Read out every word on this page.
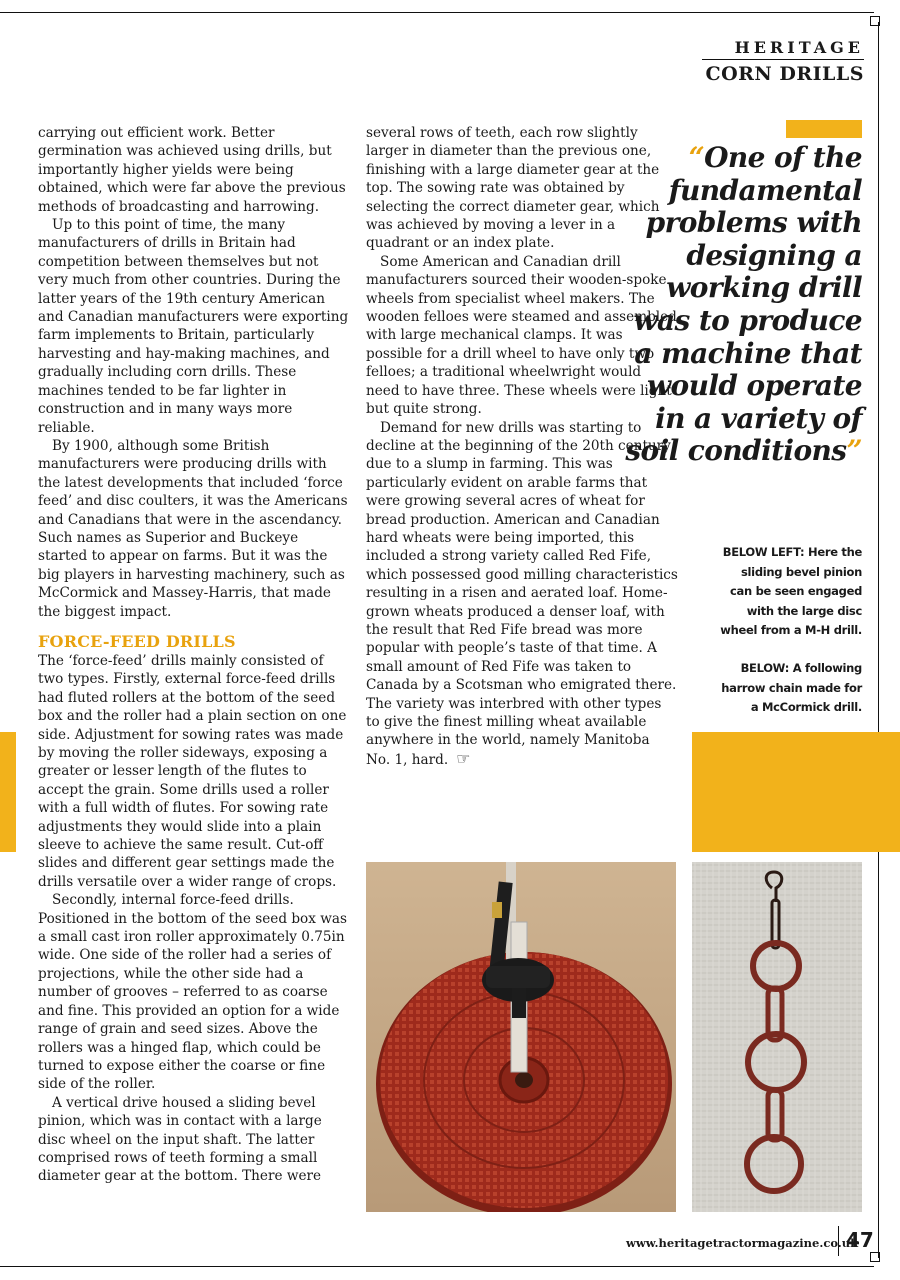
HERITAGE
CORN DRILLS

carrying out efficient work. Better germination was achieved using drills, but importantly higher yields were being obtained, which were far above the previous methods of broadcasting and harrowing.

Up to this point of time, the many manufacturers of drills in Britain had competition between themselves but not very much from other countries. During the latter years of the 19th century American and Canadian manufacturers were exporting farm implements to Britain, particularly harvesting and hay-making machines, and gradually including corn drills. These machines tended to be far lighter in construction and in many ways more reliable.

By 1900, although some British manufacturers were producing drills with the latest developments that included ‘force feed’ and disc coulters, it was the Americans and Canadians that were in the ascendancy. Such names as Superior and Buckeye started to appear on farms. But it was the big players in harvesting machinery, such as McCormick and Massey-Harris, that made the biggest impact.

FORCE-FEED DRILLS

The ‘force-feed’ drills mainly consisted of two types. Firstly, external force-feed drills had fluted rollers at the bottom of the seed box and the roller had a plain section on one side. Adjustment for sowing rates was made by moving the roller sideways, exposing a greater or lesser length of the flutes to accept the grain. Some drills used a roller with a full width of flutes. For sowing rate adjustments they would slide into a plain sleeve to achieve the same result. Cut-off slides and different gear settings made the drills versatile over a wider range of crops.

Secondly, internal force-feed drills. Positioned in the bottom of the seed box was a small cast iron roller approximately 0.75in wide. One side of the roller had a series of projections, while the other side had a number of grooves – referred to as coarse and fine. This provided an option for a wide range of grain and seed sizes. Above the rollers was a hinged flap, which could be turned to expose either the coarse or fine side of the roller.

A vertical drive housed a sliding bevel pinion, which was in contact with a large disc wheel on the input shaft. The latter comprised rows of teeth forming a small diameter gear at the bottom. There were

several rows of teeth, each row slightly larger in diameter than the previous one, finishing with a large diameter gear at the top. The sowing rate was obtained by selecting the correct diameter gear, which was achieved by moving a lever in a quadrant or an index plate.

Some American and Canadian drill manufacturers sourced their wooden-spoke wheels from specialist wheel makers. The wooden felloes were steamed and assembled with large mechanical clamps. It was possible for a drill wheel to have only two felloes; a traditional wheelwright would need to have three. These wheels were light but quite strong.

Demand for new drills was starting to decline at the beginning of the 20th century due to a slump in farming. This was particularly evident on arable farms that were growing several acres of wheat for bread production. American and Canadian hard wheats were being imported, this included a strong variety called Red Fife, which possessed good milling characteristics resulting in a risen and aerated loaf. Home-grown wheats produced a denser loaf, with the result that Red Fife bread was more popular with people’s taste of that time. A small amount of Red Fife was taken to Canada by a Scotsman who emigrated there. The variety was interbred with other types to give the finest milling wheat available anywhere in the world, namely Manitoba No. 1, hard. ☞

“One of the fundamental problems with designing a working drill was to produce a machine that would operate in a variety of soil conditions”
BELOW LEFT: Here the sliding bevel pinion can be seen engaged with the large disc wheel from a M-H drill.
BELOW: A following harrow chain made for a McCormick drill.
www.heritagetractormagazine.co.uk
47
